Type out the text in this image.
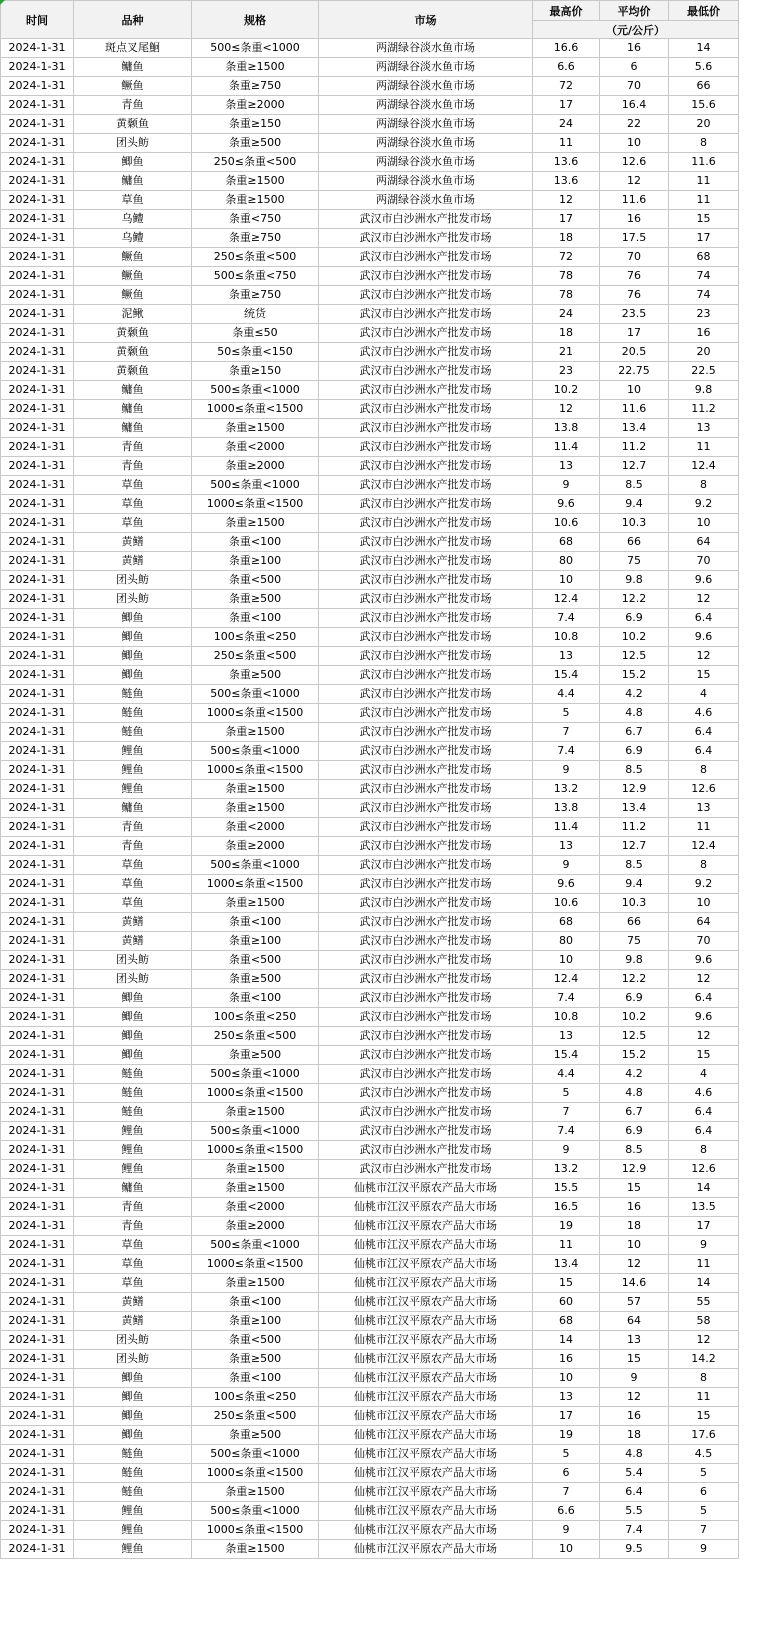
时间	品种	规格	市场	最高价	平均价	最低价
				（元/公斤）		
2024-1-31	斑点叉尾鮰	500≤条重<1000	两湖绿谷淡水鱼市场	16.6	16	14
2024-1-31	鳙鱼	条重≥1500	两湖绿谷淡水鱼市场	6.6	6	5.6
2024-1-31	鳜鱼	条重≥750	两湖绿谷淡水鱼市场	72	70	66
2024-1-31	青鱼	条重≥2000	两湖绿谷淡水鱼市场	17	16.4	15.6
2024-1-31	黄颡鱼	条重≥150	两湖绿谷淡水鱼市场	24	22	20
2024-1-31	团头鲂	条重≥500	两湖绿谷淡水鱼市场	11	10	8
2024-1-31	鲫鱼	250≤条重<500	两湖绿谷淡水鱼市场	13.6	12.6	11.6
2024-1-31	鳙鱼	条重≥1500	两湖绿谷淡水鱼市场	13.6	12	11
2024-1-31	草鱼	条重≥1500	两湖绿谷淡水鱼市场	12	11.6	11
2024-1-31	乌鳢	条重<750	武汉市白沙洲水产批发市场	17	16	15
2024-1-31	乌鳢	条重≥750	武汉市白沙洲水产批发市场	18	17.5	17
2024-1-31	鳜鱼	250≤条重<500	武汉市白沙洲水产批发市场	72	70	68
2024-1-31	鳜鱼	500≤条重<750	武汉市白沙洲水产批发市场	78	76	74
2024-1-31	鳜鱼	条重≥750	武汉市白沙洲水产批发市场	78	76	74
2024-1-31	泥鳅	统货	武汉市白沙洲水产批发市场	24	23.5	23
2024-1-31	黄颡鱼	条重≤50	武汉市白沙洲水产批发市场	18	17	16
2024-1-31	黄颡鱼	50≤条重<150	武汉市白沙洲水产批发市场	21	20.5	20
2024-1-31	黄颡鱼	条重≥150	武汉市白沙洲水产批发市场	23	22.75	22.5
2024-1-31	鳙鱼	500≤条重<1000	武汉市白沙洲水产批发市场	10.2	10	9.8
2024-1-31	鳙鱼	1000≤条重<1500	武汉市白沙洲水产批发市场	12	11.6	11.2
2024-1-31	鳙鱼	条重≥1500	武汉市白沙洲水产批发市场	13.8	13.4	13
2024-1-31	青鱼	条重<2000	武汉市白沙洲水产批发市场	11.4	11.2	11
2024-1-31	青鱼	条重≥2000	武汉市白沙洲水产批发市场	13	12.7	12.4
2024-1-31	草鱼	500≤条重<1000	武汉市白沙洲水产批发市场	9	8.5	8
2024-1-31	草鱼	1000≤条重<1500	武汉市白沙洲水产批发市场	9.6	9.4	9.2
2024-1-31	草鱼	条重≥1500	武汉市白沙洲水产批发市场	10.6	10.3	10
2024-1-31	黄鳝	条重<100	武汉市白沙洲水产批发市场	68	66	64
2024-1-31	黄鳝	条重≥100	武汉市白沙洲水产批发市场	80	75	70
2024-1-31	团头鲂	条重<500	武汉市白沙洲水产批发市场	10	9.8	9.6
2024-1-31	团头鲂	条重≥500	武汉市白沙洲水产批发市场	12.4	12.2	12
2024-1-31	鲫鱼	条重<100	武汉市白沙洲水产批发市场	7.4	6.9	6.4
2024-1-31	鲫鱼	100≤条重<250	武汉市白沙洲水产批发市场	10.8	10.2	9.6
2024-1-31	鲫鱼	250≤条重<500	武汉市白沙洲水产批发市场	13	12.5	12
2024-1-31	鲫鱼	条重≥500	武汉市白沙洲水产批发市场	15.4	15.2	15
2024-1-31	鲢鱼	500≤条重<1000	武汉市白沙洲水产批发市场	4.4	4.2	4
2024-1-31	鲢鱼	1000≤条重<1500	武汉市白沙洲水产批发市场	5	4.8	4.6
2024-1-31	鲢鱼	条重≥1500	武汉市白沙洲水产批发市场	7	6.7	6.4
2024-1-31	鲤鱼	500≤条重<1000	武汉市白沙洲水产批发市场	7.4	6.9	6.4
2024-1-31	鲤鱼	1000≤条重<1500	武汉市白沙洲水产批发市场	9	8.5	8
2024-1-31	鲤鱼	条重≥1500	武汉市白沙洲水产批发市场	13.2	12.9	12.6
2024-1-31	鳙鱼	条重≥1500	武汉市白沙洲水产批发市场	13.8	13.4	13
2024-1-31	青鱼	条重<2000	武汉市白沙洲水产批发市场	11.4	11.2	11
2024-1-31	青鱼	条重≥2000	武汉市白沙洲水产批发市场	13	12.7	12.4
2024-1-31	草鱼	500≤条重<1000	武汉市白沙洲水产批发市场	9	8.5	8
2024-1-31	草鱼	1000≤条重<1500	武汉市白沙洲水产批发市场	9.6	9.4	9.2
2024-1-31	草鱼	条重≥1500	武汉市白沙洲水产批发市场	10.6	10.3	10
2024-1-31	黄鳝	条重<100	武汉市白沙洲水产批发市场	68	66	64
2024-1-31	黄鳝	条重≥100	武汉市白沙洲水产批发市场	80	75	70
2024-1-31	团头鲂	条重<500	武汉市白沙洲水产批发市场	10	9.8	9.6
2024-1-31	团头鲂	条重≥500	武汉市白沙洲水产批发市场	12.4	12.2	12
2024-1-31	鲫鱼	条重<100	武汉市白沙洲水产批发市场	7.4	6.9	6.4
2024-1-31	鲫鱼	100≤条重<250	武汉市白沙洲水产批发市场	10.8	10.2	9.6
2024-1-31	鲫鱼	250≤条重<500	武汉市白沙洲水产批发市场	13	12.5	12
2024-1-31	鲫鱼	条重≥500	武汉市白沙洲水产批发市场	15.4	15.2	15
2024-1-31	鲢鱼	500≤条重<1000	武汉市白沙洲水产批发市场	4.4	4.2	4
2024-1-31	鲢鱼	1000≤条重<1500	武汉市白沙洲水产批发市场	5	4.8	4.6
2024-1-31	鲢鱼	条重≥1500	武汉市白沙洲水产批发市场	7	6.7	6.4
2024-1-31	鲤鱼	500≤条重<1000	武汉市白沙洲水产批发市场	7.4	6.9	6.4
2024-1-31	鲤鱼	1000≤条重<1500	武汉市白沙洲水产批发市场	9	8.5	8
2024-1-31	鲤鱼	条重≥1500	武汉市白沙洲水产批发市场	13.2	12.9	12.6
2024-1-31	鳙鱼	条重≥1500	仙桃市江汉平原农产品大市场	15.5	15	14
2024-1-31	青鱼	条重<2000	仙桃市江汉平原农产品大市场	16.5	16	13.5
2024-1-31	青鱼	条重≥2000	仙桃市江汉平原农产品大市场	19	18	17
2024-1-31	草鱼	500≤条重<1000	仙桃市江汉平原农产品大市场	11	10	9
2024-1-31	草鱼	1000≤条重<1500	仙桃市江汉平原农产品大市场	13.4	12	11
2024-1-31	草鱼	条重≥1500	仙桃市江汉平原农产品大市场	15	14.6	14
2024-1-31	黄鳝	条重<100	仙桃市江汉平原农产品大市场	60	57	55
2024-1-31	黄鳝	条重≥100	仙桃市江汉平原农产品大市场	68	64	58
2024-1-31	团头鲂	条重<500	仙桃市江汉平原农产品大市场	14	13	12
2024-1-31	团头鲂	条重≥500	仙桃市江汉平原农产品大市场	16	15	14.2
2024-1-31	鲫鱼	条重<100	仙桃市江汉平原农产品大市场	10	9	8
2024-1-31	鲫鱼	100≤条重<250	仙桃市江汉平原农产品大市场	13	12	11
2024-1-31	鲫鱼	250≤条重<500	仙桃市江汉平原农产品大市场	17	16	15
2024-1-31	鲫鱼	条重≥500	仙桃市江汉平原农产品大市场	19	18	17.6
2024-1-31	鲢鱼	500≤条重<1000	仙桃市江汉平原农产品大市场	5	4.8	4.5
2024-1-31	鲢鱼	1000≤条重<1500	仙桃市江汉平原农产品大市场	6	5.4	5
2024-1-31	鲢鱼	条重≥1500	仙桃市江汉平原农产品大市场	7	6.4	6
2024-1-31	鲤鱼	500≤条重<1000	仙桃市江汉平原农产品大市场	6.6	5.5	5
2024-1-31	鲤鱼	1000≤条重<1500	仙桃市江汉平原农产品大市场	9	7.4	7
2024-1-31	鲤鱼	条重≥1500	仙桃市江汉平原农产品大市场	10	9.5	9
